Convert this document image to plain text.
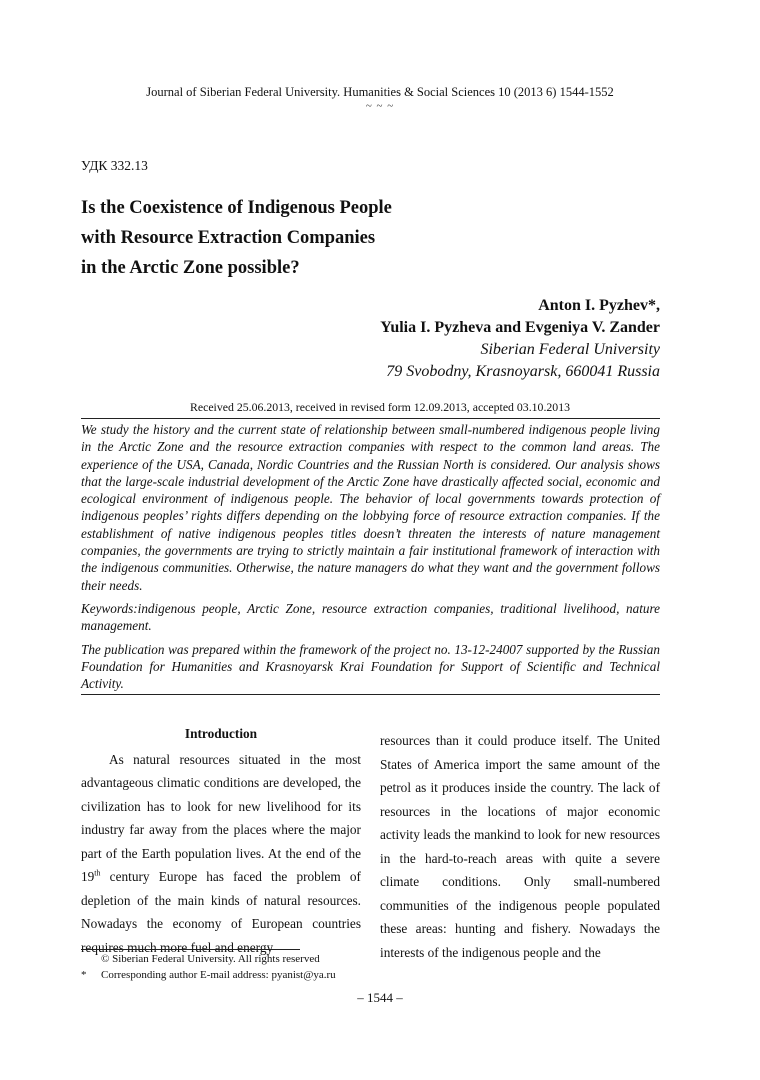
Journal of Siberian Federal University. Humanities & Social Sciences 10 (2013 6) 1544-1552
~ ~ ~
УДК 332.13
Is the Coexistence of Indigenous People
with Resource Extraction Companies
in the Arctic Zone possible?
Anton I. Pyzhev*,
Yulia I. Pyzheva and Evgeniya V. Zander
Siberian Federal University
79 Svobodny, Krasnoyarsk, 660041 Russia
Received 25.06.2013, received in revised form 12.09.2013, accepted 03.10.2013

We study the history and the current state of relationship between small-numbered indigenous people living in the Arctic Zone and the resource extraction companies with respect to the common land areas. The experience of the USA, Canada, Nordic Countries and the Russian North is considered. Our analysis shows that the large-scale industrial development of the Arctic Zone have drastically affected social, economic and ecological environment of indigenous people. The behavior of local governments towards protection of indigenous peoples’ rights differs depending on the lobbying force of resource extraction companies. If the establishment of native indigenous peoples titles doesn’t threaten the interests of nature management companies, the governments are trying to strictly maintain a fair institutional framework of interaction with the indigenous communities. Otherwise, the nature managers do what they want and the government follows their needs.

Keywords:indigenous people, Arctic Zone, resource extraction companies, traditional livelihood, nature management.

The publication was prepared within the framework of the project no. 13-12-24007 supported by the Russian Foundation for Humanities and Krasnoyarsk Krai Foundation for Support of Scientific and Technical Activity.

Introduction

As natural resources situated in the most advantageous climatic conditions are developed, the civilization has to look for new livelihood for its industry far away from the places where the major part of the Earth population lives. At the end of the 19th century Europe has faced the problem of depletion of the main kinds of natural resources. Nowadays the economy of European countries requires much more fuel and energy

resources than it could produce itself. The United States of America import the same amount of the petrol as it produces inside the country. The lack of resources in the locations of major economic activity leads the mankind to look for new resources in the hard-to-reach areas with quite a severe climate conditions. Only small-numbered communities of the indigenous people populated these areas: hunting and fishery. Nowadays the interests of the indigenous people and the

© Siberian Federal University. All rights reserved
* Corresponding author E-mail address: pyanist@ya.ru
– 1544 –
